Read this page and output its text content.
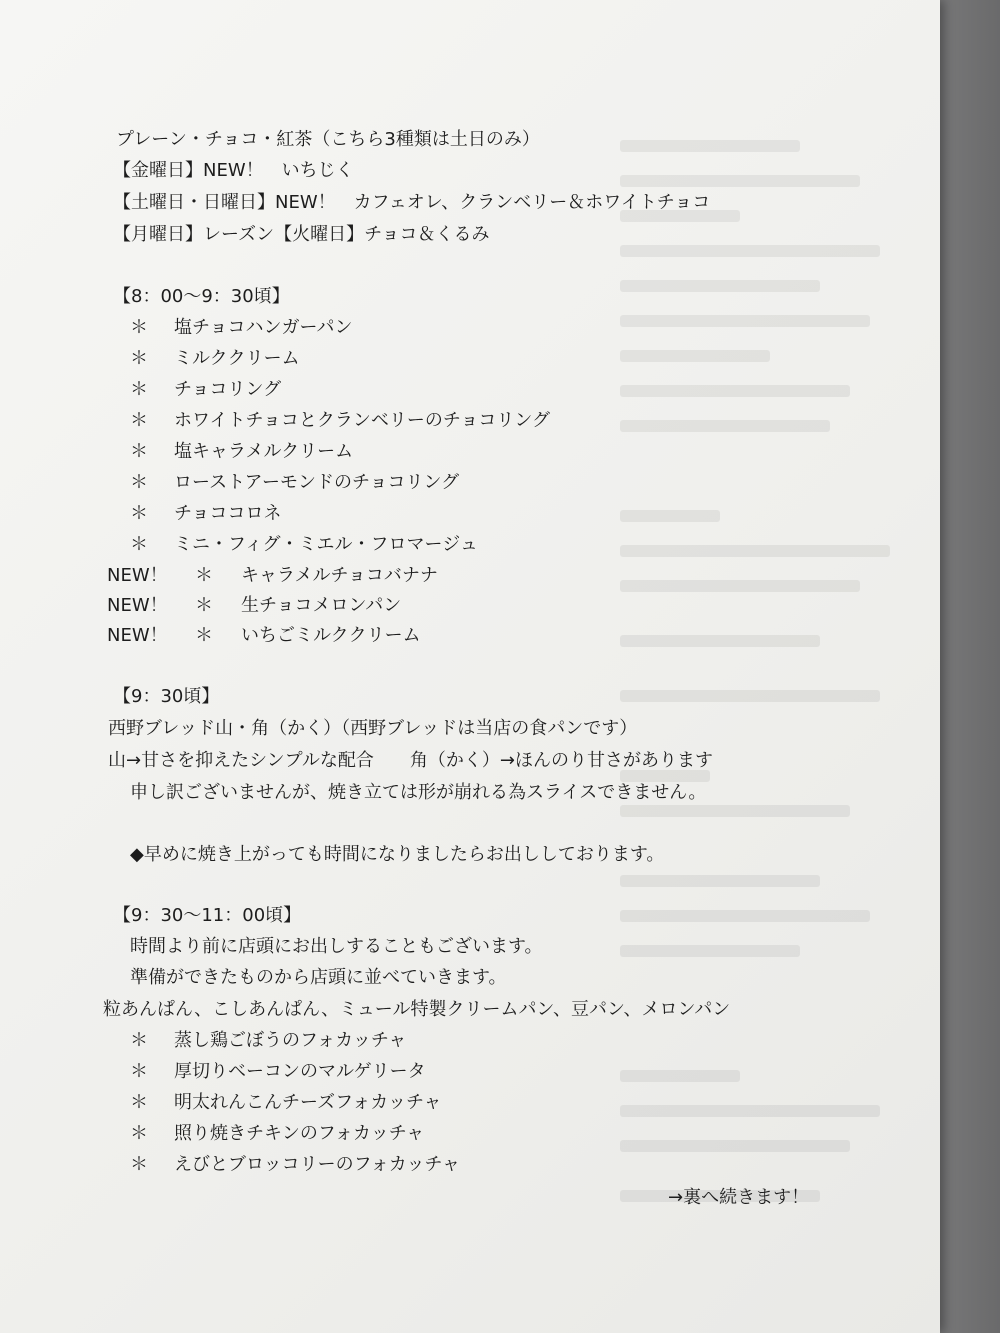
プレーン・チョコ・紅茶（こちら3種類は土日のみ）
【金曜日】NEW！　いちじく
【土曜日・日曜日】NEW！　カフェオレ、クランベリー＆ホワイトチョコ
【月曜日】レーズン【火曜日】チョコ＆くるみ
【8：00～9：30頃】
＊ 塩チョコハンガーパン
＊ ミルククリーム
＊ チョコリング
＊ ホワイトチョコとクランベリーのチョコリング
＊ 塩キャラメルクリーム
＊ ローストアーモンドのチョコリング
＊ チョココロネ
＊ ミニ・フィグ・ミエル・フロマージュ
NEW！ ＊ キャラメルチョコバナナ
NEW！ ＊ 生チョコメロンパン
NEW！ ＊ いちごミルククリーム
【9：30頃】
西野ブレッド山・角（かく）（西野ブレッドは当店の食パンです）
山→甘さを抑えたシンプルな配合　　角（かく）→ほんのり甘さがあります
申し訳ございませんが、焼き立ては形が崩れる為スライスできません。
◆早めに焼き上がっても時間になりましたらお出ししております。
【9：30～11：00頃】
時間より前に店頭にお出しすることもございます。
準備ができたものから店頭に並べていきます。
粒あんぱん、こしあんぱん、ミュール特製クリームパン、豆パン、メロンパン
＊ 蒸し鶏ごぼうのフォカッチャ
＊ 厚切りベーコンのマルゲリータ
＊ 明太れんこんチーズフォカッチャ
＊ 照り焼きチキンのフォカッチャ
＊ えびとブロッコリーのフォカッチャ
→裏へ続きます！
